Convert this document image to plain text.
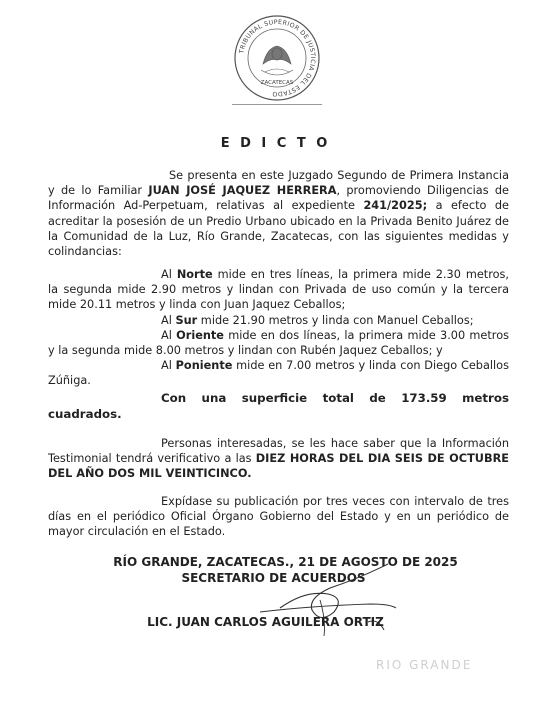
TRIBUNAL SUPERIOR DE JUSTICIA DEL ESTADO
ZACATECAS
E D I C T O
Se presenta en este Juzgado Segundo de Primera Instancia y de lo Familiar JUAN JOSÉ JAQUEZ HERRERA, promoviendo Diligencias de Información Ad-Perpetuam, relativas al expediente 241/2025; a efecto de acreditar la posesión de un Predio Urbano ubicado en la Privada Benito Juárez de la Comunidad de la Luz, Río Grande, Zacatecas, con las siguientes medidas y colindancias:
Al Norte mide en tres líneas, la primera mide 2.30 metros, la segunda mide 2.90 metros y lindan con Privada de uso común y la tercera mide 20.11 metros y linda con Juan Jaquez Ceballos;
Al Sur mide 21.90 metros y linda con Manuel Ceballos;
Al Oriente mide en dos líneas, la primera mide 3.00 metros y la segunda mide 8.00 metros y lindan con Rubén Jaquez Ceballos; y
Al Poniente mide en 7.00 metros y linda con Diego Ceballos Zúñiga.
Con una superficie total de 173.59 metros cuadrados.
Personas interesadas, se les hace saber que la Información Testimonial tendrá verificativo a las DIEZ HORAS DEL DIA SEIS DE OCTUBRE DEL AÑO DOS MIL VEINTICINCO.
Expídase su publicación por tres veces con intervalo de tres días en el periódico Oficial Órgano Gobierno del Estado y en un periódico de mayor circulación en el Estado.
RÍO GRANDE, ZACATECAS., 21 DE AGOSTO DE 2025
SECRETARIO DE ACUERDOS
LIC. JUAN CARLOS AGUILERA ORTIZ
RIO GRANDE
